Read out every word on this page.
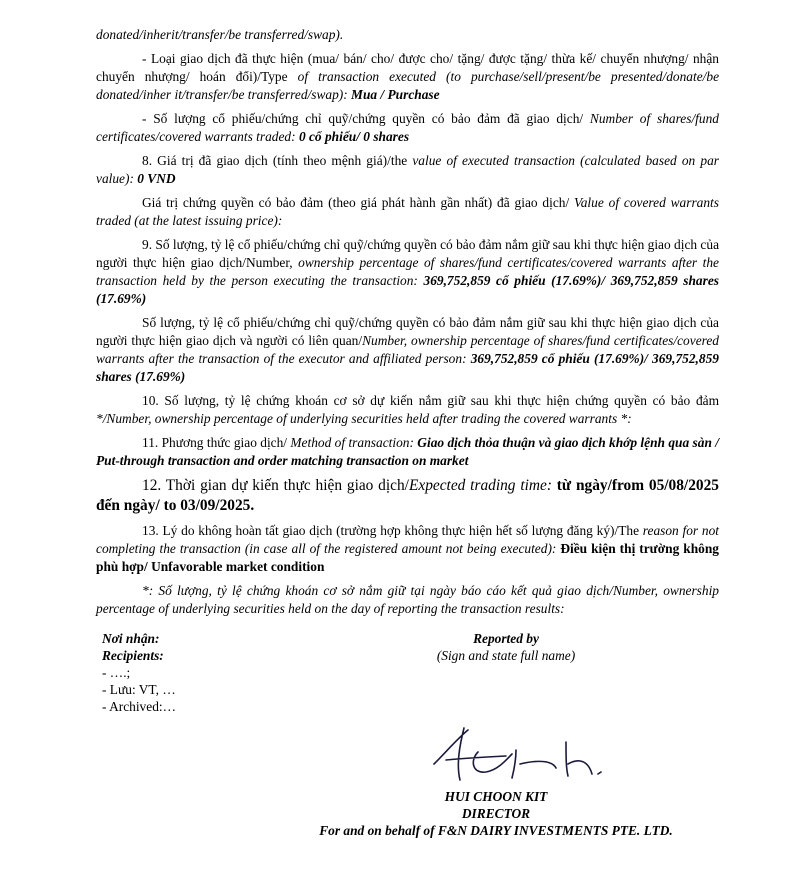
donated/inherit/transfer/be transferred/swap).

- Loại giao dịch đã thực hiện (mua/ bán/ cho/ được cho/ tặng/ được tặng/ thừa kế/ chuyển nhượng/ nhận chuyển nhượng/ hoán đổi)/Type of transaction executed (to purchase/sell/present/be presented/donate/be donated/inher it/transfer/be transferred/swap): Mua / Purchase

- Số lượng cổ phiếu/chứng chỉ quỹ/chứng quyền có bảo đảm đã giao dịch/ Number of shares/fund certificates/covered warrants traded: 0 cổ phiếu/ 0 shares

8. Giá trị đã giao dịch (tính theo mệnh giá)/the value of executed transaction (calculated based on par value): 0 VND

Giá trị chứng quyền có bảo đảm (theo giá phát hành gần nhất) đã giao dịch/ Value of covered warrants traded (at the latest issuing price):

9. Số lượng, tỷ lệ cổ phiếu/chứng chỉ quỹ/chứng quyền có bảo đảm nắm giữ sau khi thực hiện giao dịch của người thực hiện giao dịch/Number, ownership percentage of shares/fund certificates/covered warrants after the transaction held by the person executing the transaction: 369,752,859 cổ phiếu (17.69%)/ 369,752,859 shares (17.69%)

Số lượng, tỷ lệ cổ phiếu/chứng chỉ quỹ/chứng quyền có bảo đảm nắm giữ sau khi thực hiện giao dịch của người thực hiện giao dịch và người có liên quan/Number, ownership percentage of shares/fund certificates/covered warrants after the transaction of the executor and affiliated person: 369,752,859 cổ phiếu (17.69%)/ 369,752,859 shares (17.69%)

10. Số lượng, tỷ lệ chứng khoán cơ sở dự kiến nắm giữ sau khi thực hiện chứng quyền có bảo đảm */Number, ownership percentage of underlying securities held after trading the covered warrants *:

11. Phương thức giao dịch/ Method of transaction: Giao dịch thỏa thuận và giao dịch khớp lệnh qua sàn / Put-through transaction and order matching transaction on market

12. Thời gian dự kiến thực hiện giao dịch/Expected trading time: từ ngày/from 05/08/2025 đến ngày/ to 03/09/2025.

13. Lý do không hoàn tất giao dịch (trường hợp không thực hiện hết số lượng đăng ký)/The reason for not completing the transaction (in case all of the registered amount not being executed): Điều kiện thị trường không phù hợp/ Unfavorable market condition

*: Số lượng, tỷ lệ chứng khoán cơ sở nắm giữ tại ngày báo cáo kết quả giao dịch/Number, ownership percentage of underlying securities held on the day of reporting the transaction results:

Nơi nhận:
Recipients:
- ….;
- Lưu: VT, …
- Archived:…
Reported by
(Sign and state full name)
HUI CHOON KIT
DIRECTOR
For and on behalf of F&N DAIRY INVESTMENTS PTE. LTD.
